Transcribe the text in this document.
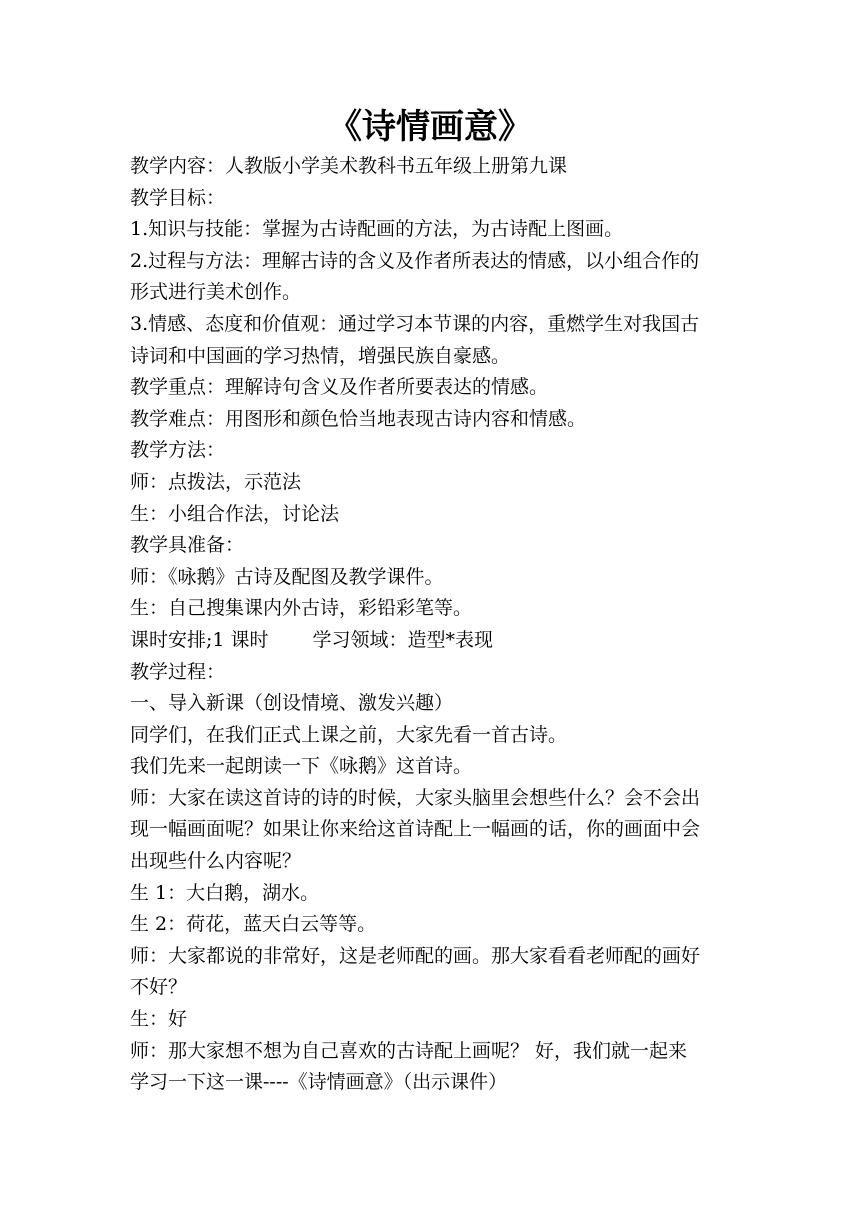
《诗情画意》
教学内容：人教版小学美术教科书五年级上册第九课
教学目标：
1.知识与技能：掌握为古诗配画的方法，为古诗配上图画。
2.过程与方法：理解古诗的含义及作者所表达的情感，以小组合作的
形式进行美术创作。
3.情感、态度和价值观：通过学习本节课的内容，重燃学生对我国古
诗词和中国画的学习热情，增强民族自豪感。
教学重点：理解诗句含义及作者所要表达的情感。
教学难点：用图形和颜色恰当地表现古诗内容和情感。
教学方法：
师：点拨法，示范法
生：小组合作法，讨论法
教学具准备：
师：《咏鹅》古诗及配图及教学课件。
生：自己搜集课内外古诗，彩铅彩笔等。
课时安排;1 课时 学习领域：造型*表现
教学过程：
一、导入新课（创设情境、激发兴趣）
同学们，在我们正式上课之前，大家先看一首古诗。
我们先来一起朗读一下《咏鹅》这首诗。
师：大家在读这首诗的诗的时候，大家头脑里会想些什么？会不会出
现一幅画面呢？如果让你来给这首诗配上一幅画的话，你的画面中会
出现些什么内容呢？
生 1：大白鹅，湖水。
生 2：荷花，蓝天白云等等。
师：大家都说的非常好，这是老师配的画。那大家看看老师配的画好
不好？
生：好
师：那大家想不想为自己喜欢的古诗配上画呢？ 好，我们就一起来
学习一下这一课----《诗情画意》（出示课件）
